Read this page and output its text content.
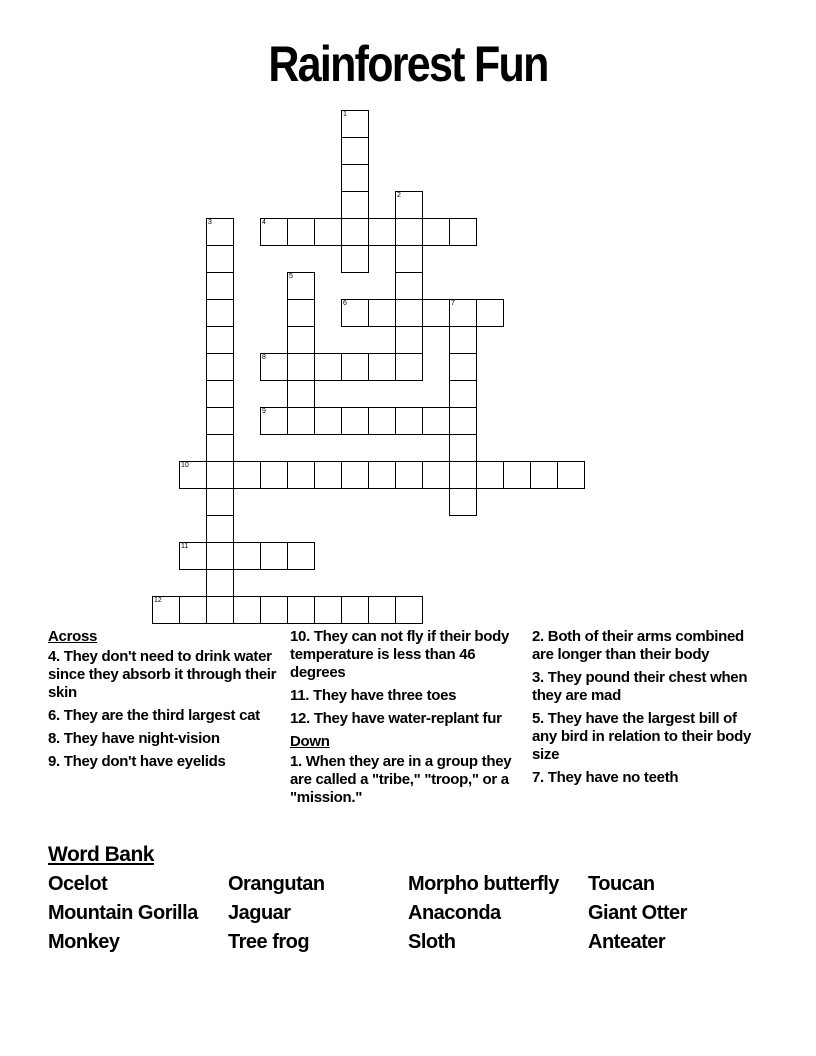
Rainforest Fun
1
2
3	4
5
6	7
8
9
10
11
12
Across
4. They don't need to drink water since they absorb it through their skin
6. They are the third largest cat
8. They have night-vision
9. They don't have eyelids
10. They can not fly if their body temperature is less than 46 degrees
11. They have three toes
12. They have water-replant fur
Down
1. When they are in a group they are called a "tribe," "troop," or a "mission."
2. Both of their arms combined are longer than their body
3. They pound their chest when they are mad
5. They have the largest bill of any bird in relation to their body size
7. They have no teeth
Word Bank
Ocelot	Orangutan	Morpho butterfly	Toucan
Mountain Gorilla	Jaguar	Anaconda	Giant Otter
Monkey	Tree frog	Sloth	Anteater
